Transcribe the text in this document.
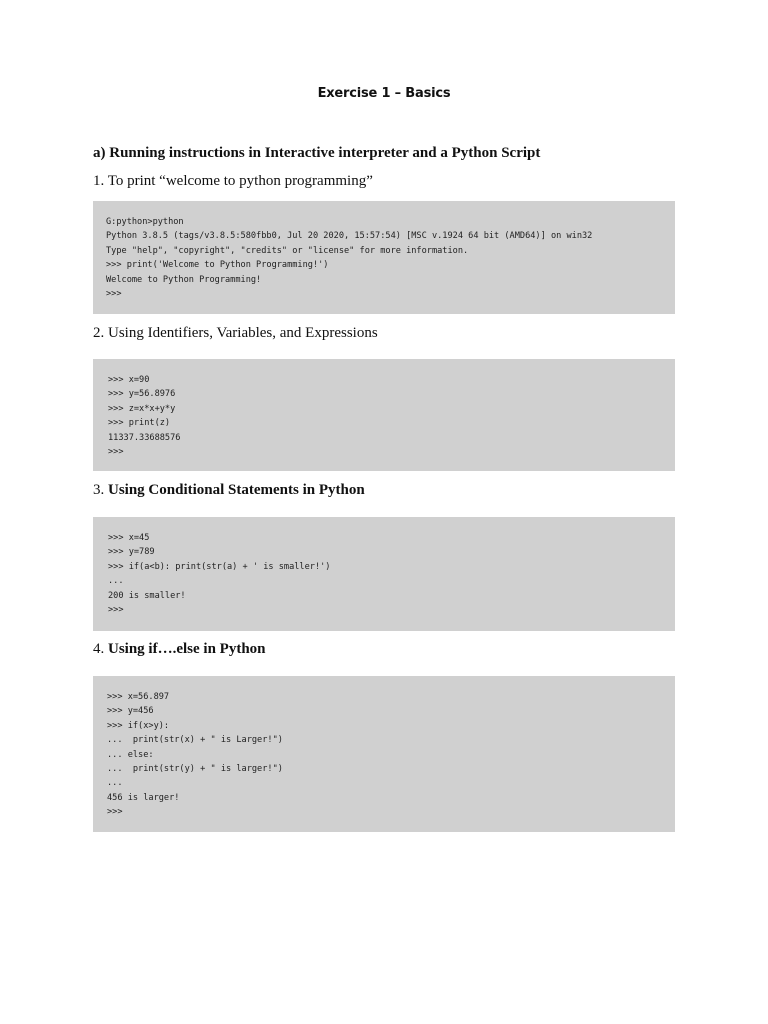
Exercise 1 – Basics
a) Running instructions in Interactive interpreter and a Python Script
1. To print “welcome to python programming”
G:python>python
Python 3.8.5 (tags/v3.8.5:580fbb0, Jul 20 2020, 15:57:54) [MSC v.1924 64 bit (AMD64)] on win32
Type "help", "copyright", "credits" or "license" for more information.
>>> print('Welcome to Python Programming!')
Welcome to Python Programming!
>>>
2. Using Identifiers, Variables, and Expressions
>>> x=90
>>> y=56.8976
>>> z=x*x+y*y
>>> print(z)
11337.33688576
>>>
3. Using Conditional Statements in Python
>>> x=45
>>> y=789
>>> if(a<b): print(str(a) + ' is smaller!')
...
200 is smaller!
>>>
4. Using if….else in Python
>>> x=56.897
>>> y=456
>>> if(x>y):
...  print(str(x) + " is Larger!")
... else:
...  print(str(y) + " is larger!")
...
456 is larger!
>>>
